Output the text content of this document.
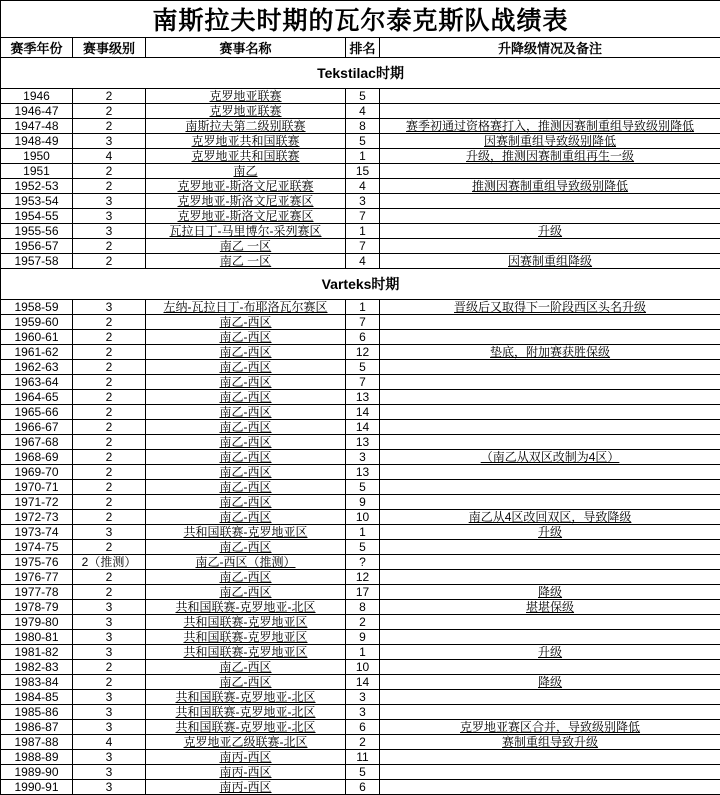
南斯拉夫时期的瓦尔泰克斯队战绩表				
赛季年份	赛事级别	赛事名称	排名	升降级情况及备注
Tekstilac时期				
1946	2	克罗地亚联赛	5	
1946-47	2	克罗地亚联赛	4	
1947-48	2	南斯拉夫第二级别联赛	8	赛季初通过资格赛打入，推测因赛制重组导致级别降低
1948-49	3	克罗地亚共和国联赛	5	因赛制重组导致级别降低
1950	4	克罗地亚共和国联赛	1	升级，推测因赛制重组再生一级
1951	2	南乙	15	
1952-53	2	克罗地亚-斯洛文尼亚联赛	4	推测因赛制重组导致级别降低
1953-54	3	克罗地亚-斯洛文尼亚赛区	3	
1954-55	3	克罗地亚-斯洛文尼亚赛区	7	
1955-56	3	瓦拉日丁-马里博尔-采列赛区	1	升级
1956-57	2	南乙 一区	7	
1957-58	2	南乙 一区	4	因赛制重组降级
Varteks时期				
1958-59	3	左纳-瓦拉日丁-布耶洛瓦尔赛区	1	晋级后又取得下一阶段西区头名升级
1959-60	2	南乙-西区	7	
1960-61	2	南乙-西区	6	
1961-62	2	南乙-西区	12	垫底，附加赛获胜保级
1962-63	2	南乙-西区	5	
1963-64	2	南乙-西区	7	
1964-65	2	南乙-西区	13	
1965-66	2	南乙-西区	14	
1966-67	2	南乙-西区	14	
1967-68	2	南乙-西区	13	
1968-69	2	南乙-西区	3	（南乙从双区改制为4区）
1969-70	2	南乙-西区	13	
1970-71	2	南乙-西区	5	
1971-72	2	南乙-西区	9	
1972-73	2	南乙-西区	10	南乙从4区改回双区，导致降级
1973-74	3	共和国联赛-克罗地亚区	1	升级
1974-75	2	南乙-西区	5	
1975-76	2（推测）	南乙-西区（推测）	?	
1976-77	2	南乙-西区	12	
1977-78	2	南乙-西区	17	降级
1978-79	3	共和国联赛-克罗地亚-北区	8	堪堪保级
1979-80	3	共和国联赛-克罗地亚区	2	
1980-81	3	共和国联赛-克罗地亚区	9	
1981-82	3	共和国联赛-克罗地亚区	1	升级
1982-83	2	南乙-西区	10	
1983-84	2	南乙-西区	14	降级
1984-85	3	共和国联赛-克罗地亚-北区	3	
1985-86	3	共和国联赛-克罗地亚-北区	3	
1986-87	3	共和国联赛-克罗地亚-北区	6	克罗地亚赛区合并，导致级别降低
1987-88	4	克罗地亚乙级联赛-北区	2	赛制重组导致升级
1988-89	3	南丙-西区	11	
1989-90	3	南丙-西区	5	
1990-91	3	南丙-西区	6	
